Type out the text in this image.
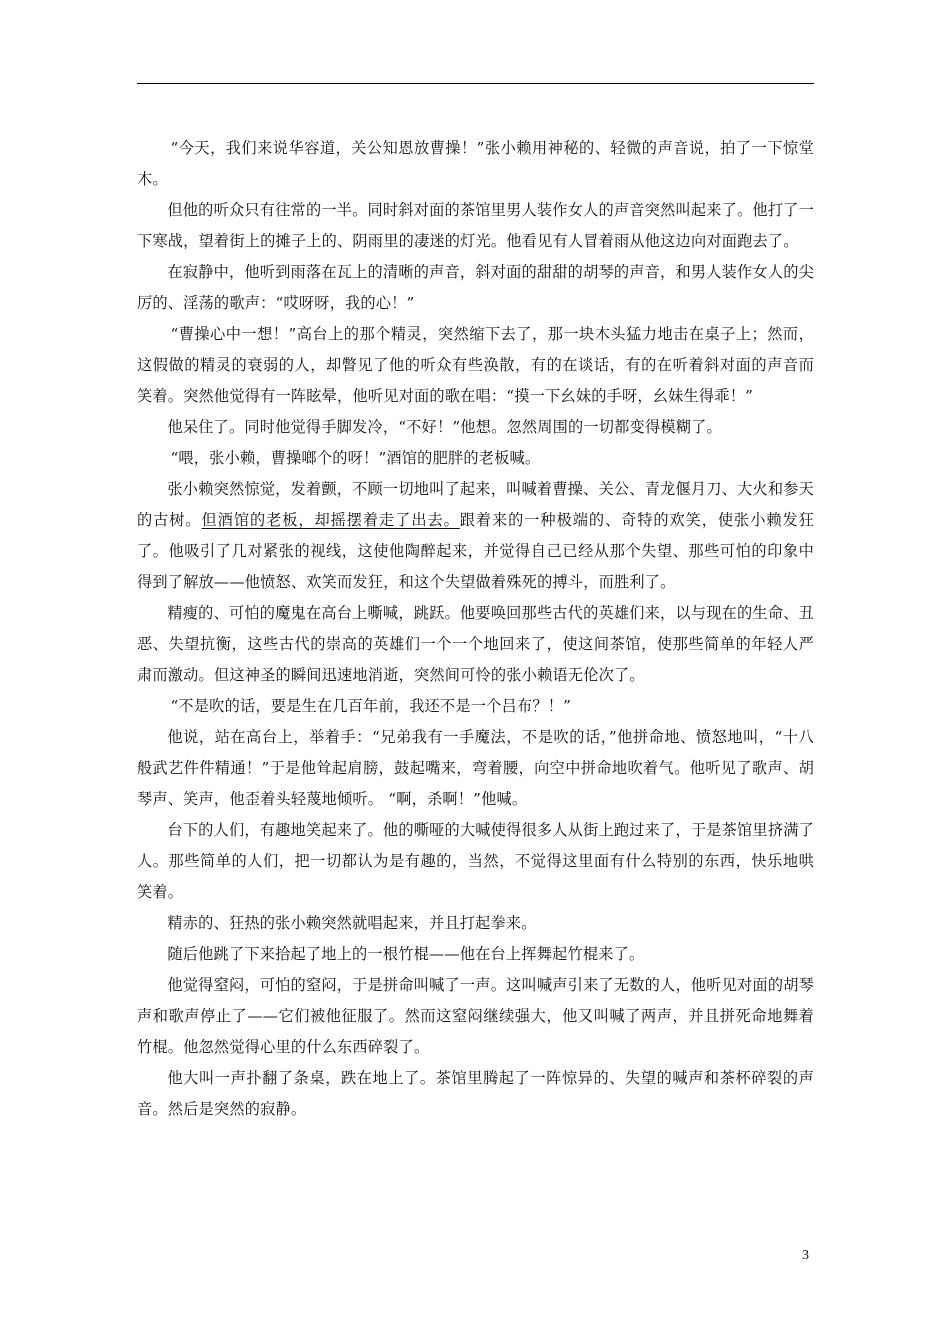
“今天，我们来说华容道，关公知恩放曹操！”张小赖用神秘的、轻微的声音说，拍了一下惊堂木。

但他的听众只有往常的一半。同时斜对面的茶馆里男人装作女人的声音突然叫起来了。他打了一下寒战，望着街上的摊子上的、阴雨里的凄迷的灯光。他看见有人冒着雨从他这边向对面跑去了。

在寂静中，他听到雨落在瓦上的清晰的声音，斜对面的甜甜的胡琴的声音，和男人装作女人的尖厉的、淫荡的歌声：“哎呀呀，我的心！”

“曹操心中一想！”高台上的那个精灵，突然缩下去了，那一块木头猛力地击在桌子上；然而，这假做的精灵的衰弱的人，却瞥见了他的听众有些涣散，有的在谈话，有的在听着斜对面的声音而笑着。突然他觉得有一阵眩晕，他听见对面的歌在唱：“摸一下幺妹的手呀，幺妹生得乖！”

他呆住了。同时他觉得手脚发冷，“不好！”他想。忽然周围的一切都变得模糊了。

“喂，张小赖，曹操啷个的呀！”酒馆的肥胖的老板喊。

张小赖突然惊觉，发着颤，不顾一切地叫了起来，叫喊着曹操、关公、青龙偃月刀、大火和参天的古树。但酒馆的老板，却摇摆着走了出去。跟着来的一种极端的、奇特的欢笑，使张小赖发狂了。他吸引了几对紧张的视线，这使他陶醉起来，并觉得自己已经从那个失望、那些可怕的印象中得到了解放——他愤怒、欢笑而发狂，和这个失望做着殊死的搏斗，而胜利了。

精瘦的、可怕的魔鬼在高台上嘶喊，跳跃。他要唤回那些古代的英雄们来，以与现在的生命、丑恶、失望抗衡，这些古代的崇高的英雄们一个一个地回来了，使这间茶馆，使那些简单的年轻人严肃而激动。但这神圣的瞬间迅速地消逝，突然间可怜的张小赖语无伦次了。

“不是吹的话，要是生在几百年前，我还不是一个吕布？！”

他说，站在高台上，举着手：“兄弟我有一手魔法，不是吹的话，”他拼命地、愤怒地叫，“十八般武艺件件精通！”于是他耸起肩膀，鼓起嘴来，弯着腰，向空中拼命地吹着气。他听见了歌声、胡琴声、笑声，他歪着头轻蔑地倾听。 “啊，杀啊！”他喊。

台下的人们，有趣地笑起来了。他的嘶哑的大喊使得很多人从街上跑过来了，于是茶馆里挤满了人。那些简单的人们，把一切都认为是有趣的，当然，不觉得这里面有什么特别的东西，快乐地哄笑着。

精赤的、狂热的张小赖突然就唱起来，并且打起拳来。

随后他跳了下来拾起了地上的一根竹棍——他在台上挥舞起竹棍来了。

他觉得窒闷，可怕的窒闷，于是拼命叫喊了一声。这叫喊声引来了无数的人，他听见对面的胡琴声和歌声停止了——它们被他征服了。然而这窒闷继续强大，他又叫喊了两声，并且拼死命地舞着竹棍。他忽然觉得心里的什么东西碎裂了。

他大叫一声扑翻了条桌，跌在地上了。茶馆里腾起了一阵惊异的、失望的喊声和茶杯碎裂的声音。然后是突然的寂静。

3
